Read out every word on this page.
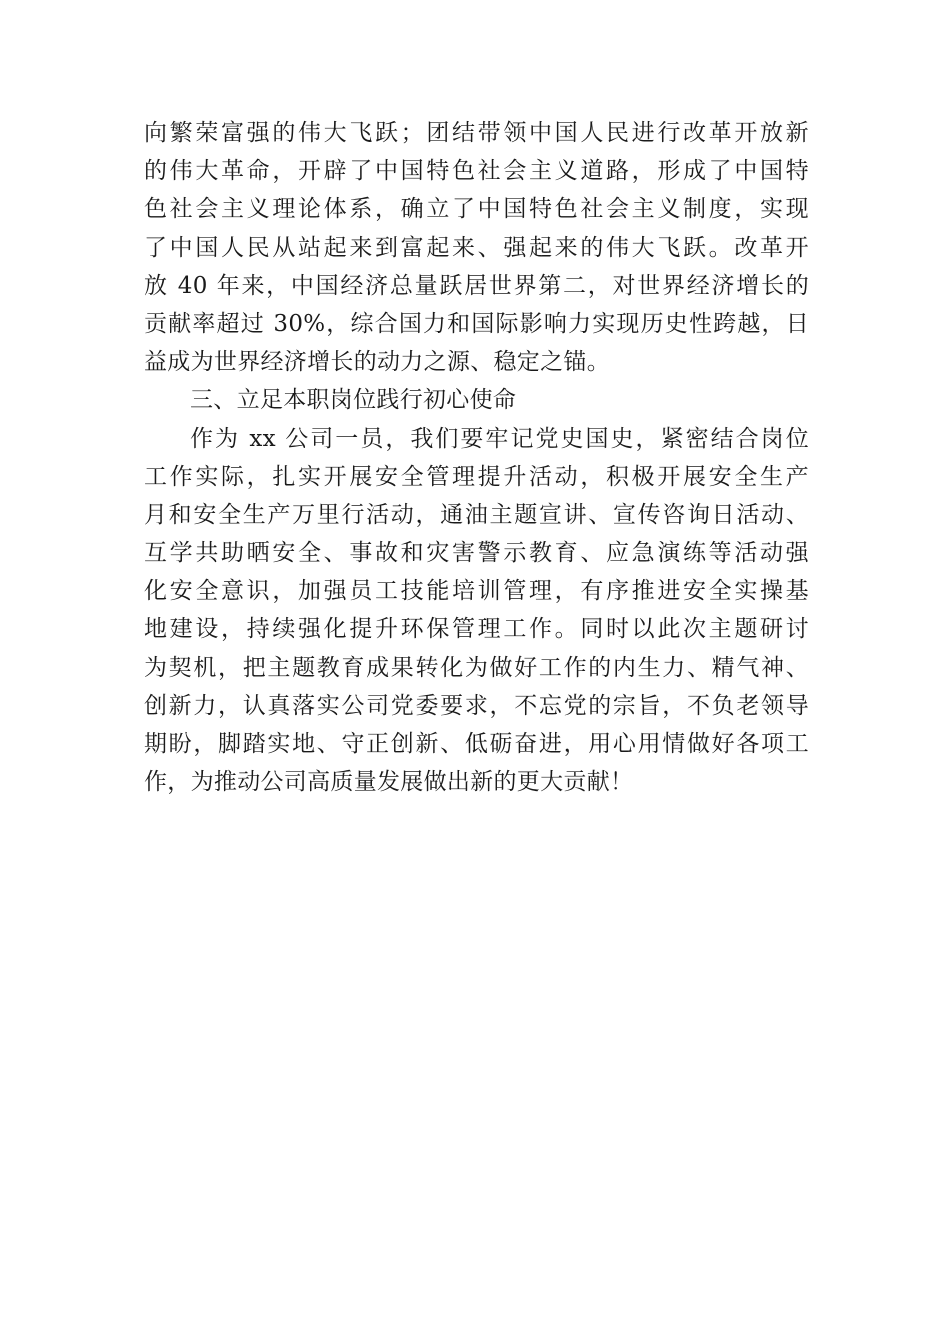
向繁荣富强的伟大飞跃；团结带领中国人民进行改革开放新
的伟大革命，开辟了中国特色社会主义道路，形成了中国特
色社会主义理论体系，确立了中国特色社会主义制度，实现
了中国人民从站起来到富起来、强起来的伟大飞跃。改革开
放 40 年来，中国经济总量跃居世界第二，对世界经济增长的
贡献率超过 30%，综合国力和国际影响力实现历史性跨越，日
益成为世界经济增长的动力之源、稳定之锚。
三、立足本职岗位践行初心使命
作为 xx 公司一员，我们要牢记党史国史，紧密结合岗位
工作实际，扎实开展安全管理提升活动，积极开展安全生产
月和安全生产万里行活动，通油主题宣讲、宣传咨询日活动、
互学共助晒安全、事故和灾害警示教育、应急演练等活动强
化安全意识，加强员工技能培训管理，有序推进安全实操基
地建设，持续强化提升环保管理工作。同时以此次主题研讨
为契机，把主题教育成果转化为做好工作的内生力、精气神、
创新力，认真落实公司党委要求，不忘党的宗旨，不负老领导
期盼，脚踏实地、守正创新、低砺奋进，用心用情做好各项工
作，为推动公司高质量发展做出新的更大贡献！
